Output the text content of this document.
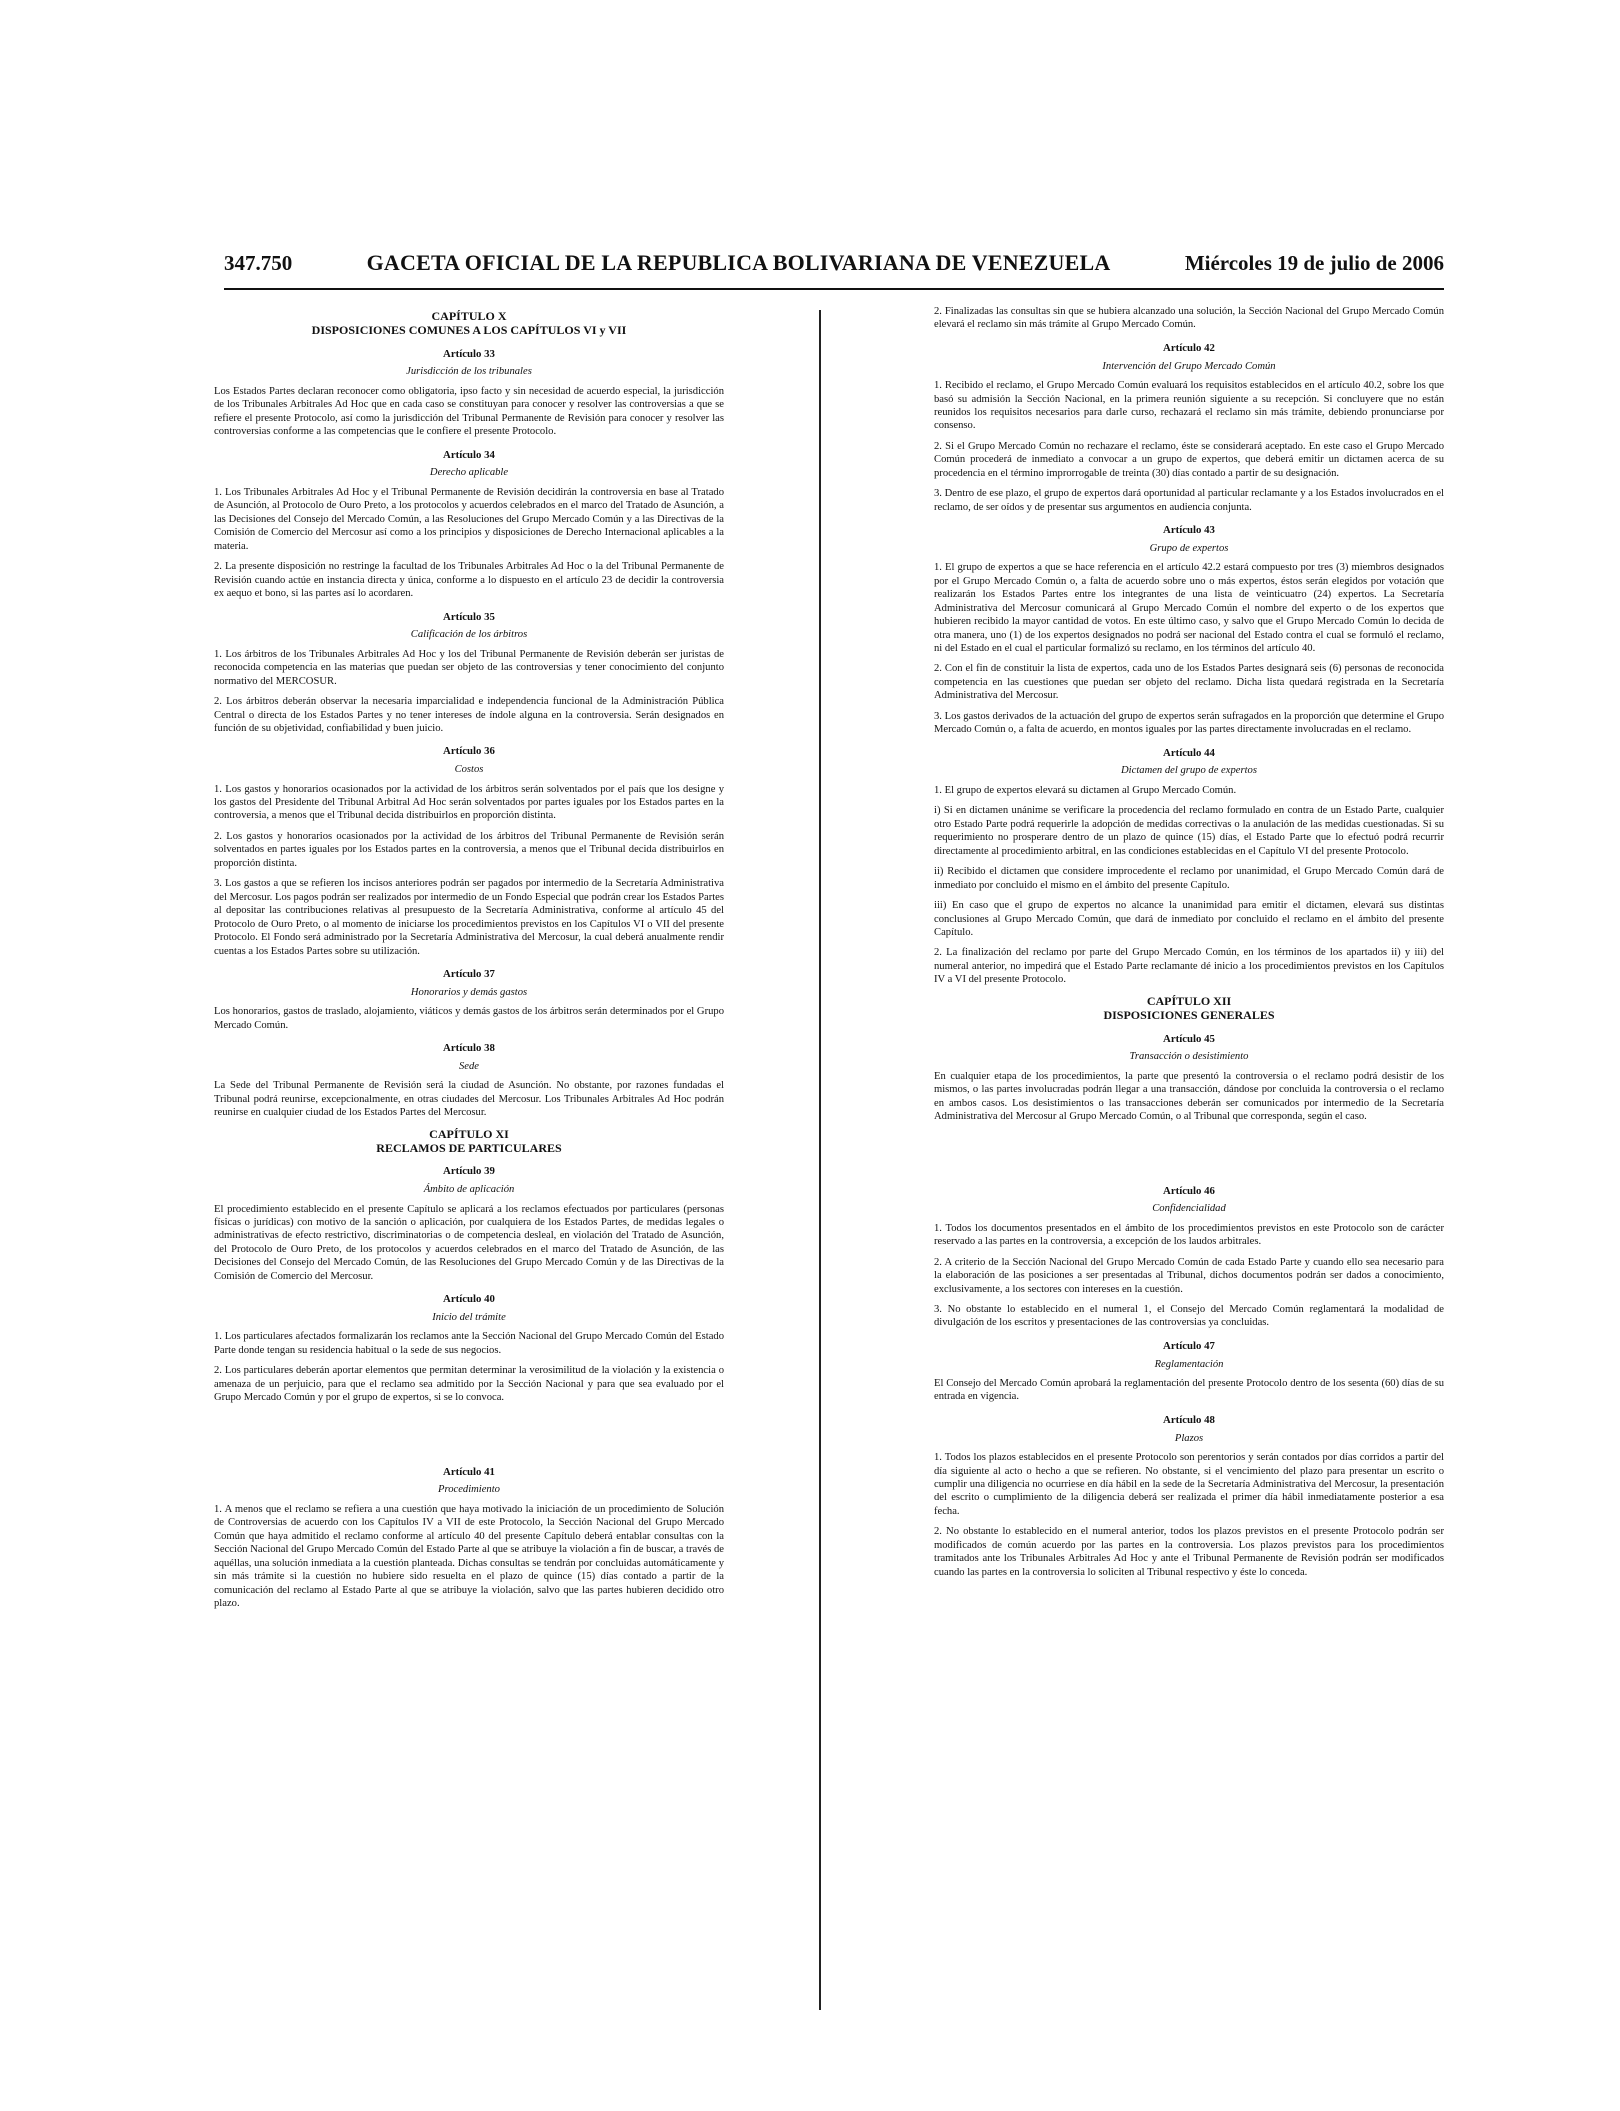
347.750	GACETA OFICIAL DE LA REPUBLICA BOLIVARIANA DE VENEZUELA	Miércoles 19 de julio de 2006
CAPÍTULO X
DISPOSICIONES COMUNES A LOS CAPÍTULOS VI y VII
Artículo 33
Jurisdicción de los tribunales

Los Estados Partes declaran reconocer como obligatoria, ipso facto y sin necesidad de acuerdo especial, la jurisdicción de los Tribunales Arbitrales Ad Hoc que en cada caso se constituyan para conocer y resolver las controversias a que se refiere el presente Protocolo, así como la jurisdicción del Tribunal Permanente de Revisión para conocer y resolver las controversias conforme a las competencias que le confiere el presente Protocolo.

Artículo 34
Derecho aplicable

1. Los Tribunales Arbitrales Ad Hoc y el Tribunal Permanente de Revisión decidirán la controversia en base al Tratado de Asunción, al Protocolo de Ouro Preto, a los protocolos y acuerdos celebrados en el marco del Tratado de Asunción, a las Decisiones del Consejo del Mercado Común, a las Resoluciones del Grupo Mercado Común y a las Directivas de la Comisión de Comercio del Mercosur así como a los principios y disposiciones de Derecho Internacional aplicables a la materia.

2. La presente disposición no restringe la facultad de los Tribunales Arbitrales Ad Hoc o la del Tribunal Permanente de Revisión cuando actúe en instancia directa y única, conforme a lo dispuesto en el artículo 23 de decidir la controversia ex aequo et bono, si las partes así lo acordaren.

Artículo 35
Calificación de los árbitros

1. Los árbitros de los Tribunales Arbitrales Ad Hoc y los del Tribunal Permanente de Revisión deberán ser juristas de reconocida competencia en las materias que puedan ser objeto de las controversias y tener conocimiento del conjunto normativo del MERCOSUR.

2. Los árbitros deberán observar la necesaria imparcialidad e independencia funcional de la Administración Pública Central o directa de los Estados Partes y no tener intereses de índole alguna en la controversia. Serán designados en función de su objetividad, confiabilidad y buen juicio.

Artículo 36
Costos

1. Los gastos y honorarios ocasionados por la actividad de los árbitros serán solventados por el país que los designe y los gastos del Presidente del Tribunal Arbitral Ad Hoc serán solventados por partes iguales por los Estados partes en la controversia, a menos que el Tribunal decida distribuirlos en proporción distinta.

2. Los gastos y honorarios ocasionados por la actividad de los árbitros del Tribunal Permanente de Revisión serán solventados en partes iguales por los Estados partes en la controversia, a menos que el Tribunal decida distribuirlos en proporción distinta.

3. Los gastos a que se refieren los incisos anteriores podrán ser pagados por intermedio de la Secretaría Administrativa del Mercosur. Los pagos podrán ser realizados por intermedio de un Fondo Especial que podrán crear los Estados Partes al depositar las contribuciones relativas al presupuesto de la Secretaría Administrativa, conforme al artículo 45 del Protocolo de Ouro Preto, o al momento de iniciarse los procedimientos previstos en los Capítulos VI o VII del presente Protocolo. El Fondo será administrado por la Secretaría Administrativa del Mercosur, la cual deberá anualmente rendir cuentas a los Estados Partes sobre su utilización.

Artículo 37
Honorarios y demás gastos

Los honorarios, gastos de traslado, alojamiento, viáticos y demás gastos de los árbitros serán determinados por el Grupo Mercado Común.

Artículo 38
Sede

La Sede del Tribunal Permanente de Revisión será la ciudad de Asunción. No obstante, por razones fundadas el Tribunal podrá reunirse, excepcionalmente, en otras ciudades del Mercosur. Los Tribunales Arbitrales Ad Hoc podrán reunirse en cualquier ciudad de los Estados Partes del Mercosur.

CAPÍTULO XI
RECLAMOS DE PARTICULARES
Artículo 39
Ámbito de aplicación

El procedimiento establecido en el presente Capítulo se aplicará a los reclamos efectuados por particulares (personas físicas o jurídicas) con motivo de la sanción o aplicación, por cualquiera de los Estados Partes, de medidas legales o administrativas de efecto restrictivo, discriminatorias o de competencia desleal, en violación del Tratado de Asunción, del Protocolo de Ouro Preto, de los protocolos y acuerdos celebrados en el marco del Tratado de Asunción, de las Decisiones del Consejo del Mercado Común, de las Resoluciones del Grupo Mercado Común y de las Directivas de la Comisión de Comercio del Mercosur.

Artículo 40
Inicio del trámite

1. Los particulares afectados formalizarán los reclamos ante la Sección Nacional del Grupo Mercado Común del Estado Parte donde tengan su residencia habitual o la sede de sus negocios.

2. Los particulares deberán aportar elementos que permitan determinar la verosimilitud de la violación y la existencia o amenaza de un perjuicio, para que el reclamo sea admitido por la Sección Nacional y para que sea evaluado por el Grupo Mercado Común y por el grupo de expertos, si se lo convoca.

Artículo 41
Procedimiento

1. A menos que el reclamo se refiera a una cuestión que haya motivado la iniciación de un procedimiento de Solución de Controversias de acuerdo con los Capítulos IV a VII de este Protocolo, la Sección Nacional del Grupo Mercado Común que haya admitido el reclamo conforme al artículo 40 del presente Capítulo deberá entablar consultas con la Sección Nacional del Grupo Mercado Común del Estado Parte al que se atribuye la violación a fin de buscar, a través de aquéllas, una solución inmediata a la cuestión planteada. Dichas consultas se tendrán por concluidas automáticamente y sin más trámite si la cuestión no hubiere sido resuelta en el plazo de quince (15) días contado a partir de la comunicación del reclamo al Estado Parte al que se atribuye la violación, salvo que las partes hubieren decidido otro plazo.

2. Finalizadas las consultas sin que se hubiera alcanzado una solución, la Sección Nacional del Grupo Mercado Común elevará el reclamo sin más trámite al Grupo Mercado Común.

Artículo 42
Intervención del Grupo Mercado Común

1. Recibido el reclamo, el Grupo Mercado Común evaluará los requisitos establecidos en el artículo 40.2, sobre los que basó su admisión la Sección Nacional, en la primera reunión siguiente a su recepción. Si concluyere que no están reunidos los requisitos necesarios para darle curso, rechazará el reclamo sin más trámite, debiendo pronunciarse por consenso.

2. Si el Grupo Mercado Común no rechazare el reclamo, éste se considerará aceptado. En este caso el Grupo Mercado Común procederá de inmediato a convocar a un grupo de expertos, que deberá emitir un dictamen acerca de su procedencia en el término improrrogable de treinta (30) días contado a partir de su designación.

3. Dentro de ese plazo, el grupo de expertos dará oportunidad al particular reclamante y a los Estados involucrados en el reclamo, de ser oídos y de presentar sus argumentos en audiencia conjunta.

Artículo 43
Grupo de expertos

1. El grupo de expertos a que se hace referencia en el artículo 42.2 estará compuesto por tres (3) miembros designados por el Grupo Mercado Común o, a falta de acuerdo sobre uno o más expertos, éstos serán elegidos por votación que realizarán los Estados Partes entre los integrantes de una lista de veinticuatro (24) expertos. La Secretaría Administrativa del Mercosur comunicará al Grupo Mercado Común el nombre del experto o de los expertos que hubieren recibido la mayor cantidad de votos. En este último caso, y salvo que el Grupo Mercado Común lo decida de otra manera, uno (1) de los expertos designados no podrá ser nacional del Estado contra el cual se formuló el reclamo, ni del Estado en el cual el particular formalizó su reclamo, en los términos del artículo 40.

2. Con el fin de constituir la lista de expertos, cada uno de los Estados Partes designará seis (6) personas de reconocida competencia en las cuestiones que puedan ser objeto del reclamo. Dicha lista quedará registrada en la Secretaría Administrativa del Mercosur.

3. Los gastos derivados de la actuación del grupo de expertos serán sufragados en la proporción que determine el Grupo Mercado Común o, a falta de acuerdo, en montos iguales por las partes directamente involucradas en el reclamo.

Artículo 44
Dictamen del grupo de expertos

1. El grupo de expertos elevará su dictamen al Grupo Mercado Común.

i) Si en dictamen unánime se verificare la procedencia del reclamo formulado en contra de un Estado Parte, cualquier otro Estado Parte podrá requerirle la adopción de medidas correctivas o la anulación de las medidas cuestionadas. Si su requerimiento no prosperare dentro de un plazo de quince (15) días, el Estado Parte que lo efectuó podrá recurrir directamente al procedimiento arbitral, en las condiciones establecidas en el Capítulo VI del presente Protocolo.

ii) Recibido el dictamen que considere improcedente el reclamo por unanimidad, el Grupo Mercado Común dará de inmediato por concluido el mismo en el ámbito del presente Capítulo.

iii) En caso que el grupo de expertos no alcance la unanimidad para emitir el dictamen, elevará sus distintas conclusiones al Grupo Mercado Común, que dará de inmediato por concluido el reclamo en el ámbito del presente Capítulo.

2. La finalización del reclamo por parte del Grupo Mercado Común, en los términos de los apartados ii) y iii) del numeral anterior, no impedirá que el Estado Parte reclamante dé inicio a los procedimientos previstos en los Capítulos IV a VI del presente Protocolo.

CAPÍTULO XII
DISPOSICIONES GENERALES
Artículo 45
Transacción o desistimiento

En cualquier etapa de los procedimientos, la parte que presentó la controversia o el reclamo podrá desistir de los mismos, o las partes involucradas podrán llegar a una transacción, dándose por concluida la controversia o el reclamo en ambos casos. Los desistimientos o las transacciones deberán ser comunicados por intermedio de la Secretaría Administrativa del Mercosur al Grupo Mercado Común, o al Tribunal que corresponda, según el caso.

Artículo 46
Confidencialidad

1. Todos los documentos presentados en el ámbito de los procedimientos previstos en este Protocolo son de carácter reservado a las partes en la controversia, a excepción de los laudos arbitrales.

2. A criterio de la Sección Nacional del Grupo Mercado Común de cada Estado Parte y cuando ello sea necesario para la elaboración de las posiciones a ser presentadas al Tribunal, dichos documentos podrán ser dados a conocimiento, exclusivamente, a los sectores con intereses en la cuestión.

3. No obstante lo establecido en el numeral 1, el Consejo del Mercado Común reglamentará la modalidad de divulgación de los escritos y presentaciones de las controversias ya concluidas.

Artículo 47
Reglamentación

El Consejo del Mercado Común aprobará la reglamentación del presente Protocolo dentro de los sesenta (60) días de su entrada en vigencia.

Artículo 48
Plazos

1. Todos los plazos establecidos en el presente Protocolo son perentorios y serán contados por días corridos a partir del día siguiente al acto o hecho a que se refieren. No obstante, si el vencimiento del plazo para presentar un escrito o cumplir una diligencia no ocurriese en día hábil en la sede de la Secretaría Administrativa del Mercosur, la presentación del escrito o cumplimiento de la diligencia deberá ser realizada el primer día hábil inmediatamente posterior a esa fecha.

2. No obstante lo establecido en el numeral anterior, todos los plazos previstos en el presente Protocolo podrán ser modificados de común acuerdo por las partes en la controversia. Los plazos previstos para los procedimientos tramitados ante los Tribunales Arbitrales Ad Hoc y ante el Tribunal Permanente de Revisión podrán ser modificados cuando las partes en la controversia lo soliciten al Tribunal respectivo y éste lo conceda.
